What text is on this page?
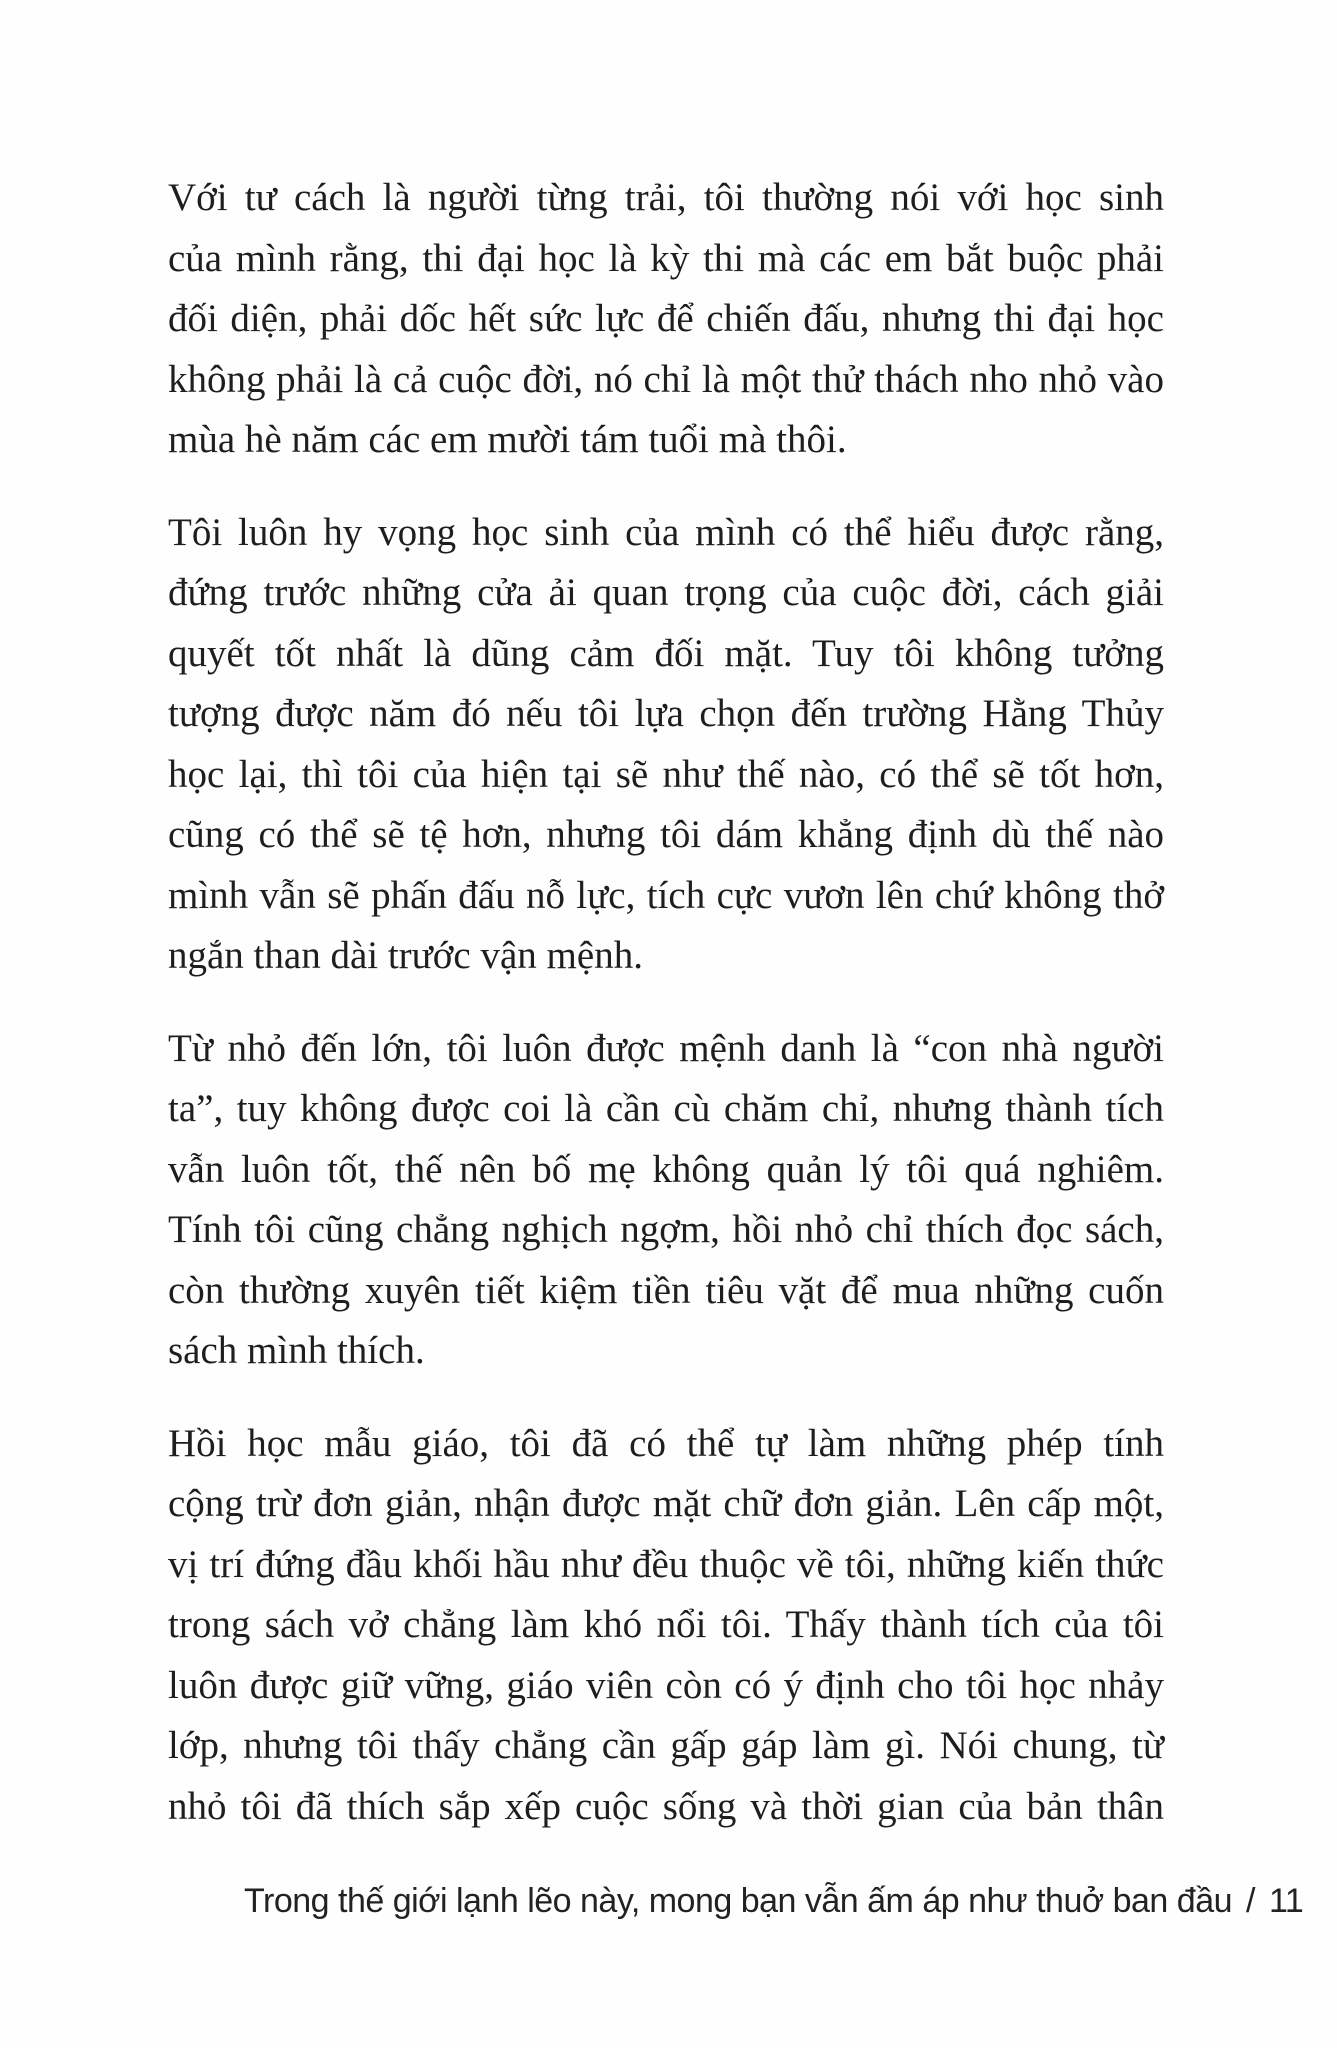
Với tư cách là người từng trải, tôi thường nói với học sinh
của mình rằng, thi đại học là kỳ thi mà các em bắt buộc phải
đối diện, phải dốc hết sức lực để chiến đấu, nhưng thi đại học
không phải là cả cuộc đời, nó chỉ là một thử thách nho nhỏ vào
mùa hè năm các em mười tám tuổi mà thôi.

Tôi luôn hy vọng học sinh của mình có thể hiểu được rằng,
đứng trước những cửa ải quan trọng của cuộc đời, cách giải
quyết tốt nhất là dũng cảm đối mặt. Tuy tôi không tưởng
tượng được năm đó nếu tôi lựa chọn đến trường Hằng Thủy
học lại, thì tôi của hiện tại sẽ như thế nào, có thể sẽ tốt hơn,
cũng có thể sẽ tệ hơn, nhưng tôi dám khẳng định dù thế nào
mình vẫn sẽ phấn đấu nỗ lực, tích cực vươn lên chứ không thở
ngắn than dài trước vận mệnh.

Từ nhỏ đến lớn, tôi luôn được mệnh danh là “con nhà người
ta”, tuy không được coi là cần cù chăm chỉ, nhưng thành tích
vẫn luôn tốt, thế nên bố mẹ không quản lý tôi quá nghiêm.
Tính tôi cũng chẳng nghịch ngợm, hồi nhỏ chỉ thích đọc sách,
còn thường xuyên tiết kiệm tiền tiêu vặt để mua những cuốn
sách mình thích.

Hồi học mẫu giáo, tôi đã có thể tự làm những phép tính
cộng trừ đơn giản, nhận được mặt chữ đơn giản. Lên cấp một,
vị trí đứng đầu khối hầu như đều thuộc về tôi, những kiến thức
trong sách vở chẳng làm khó nổi tôi. Thấy thành tích của tôi
luôn được giữ vững, giáo viên còn có ý định cho tôi học nhảy
lớp, nhưng tôi thấy chẳng cần gấp gáp làm gì. Nói chung, từ
nhỏ tôi đã thích sắp xếp cuộc sống và thời gian của bản thân

Trong thế giới lạnh lẽo này, mong bạn vẫn ấm áp như thuở ban đầu / 11
